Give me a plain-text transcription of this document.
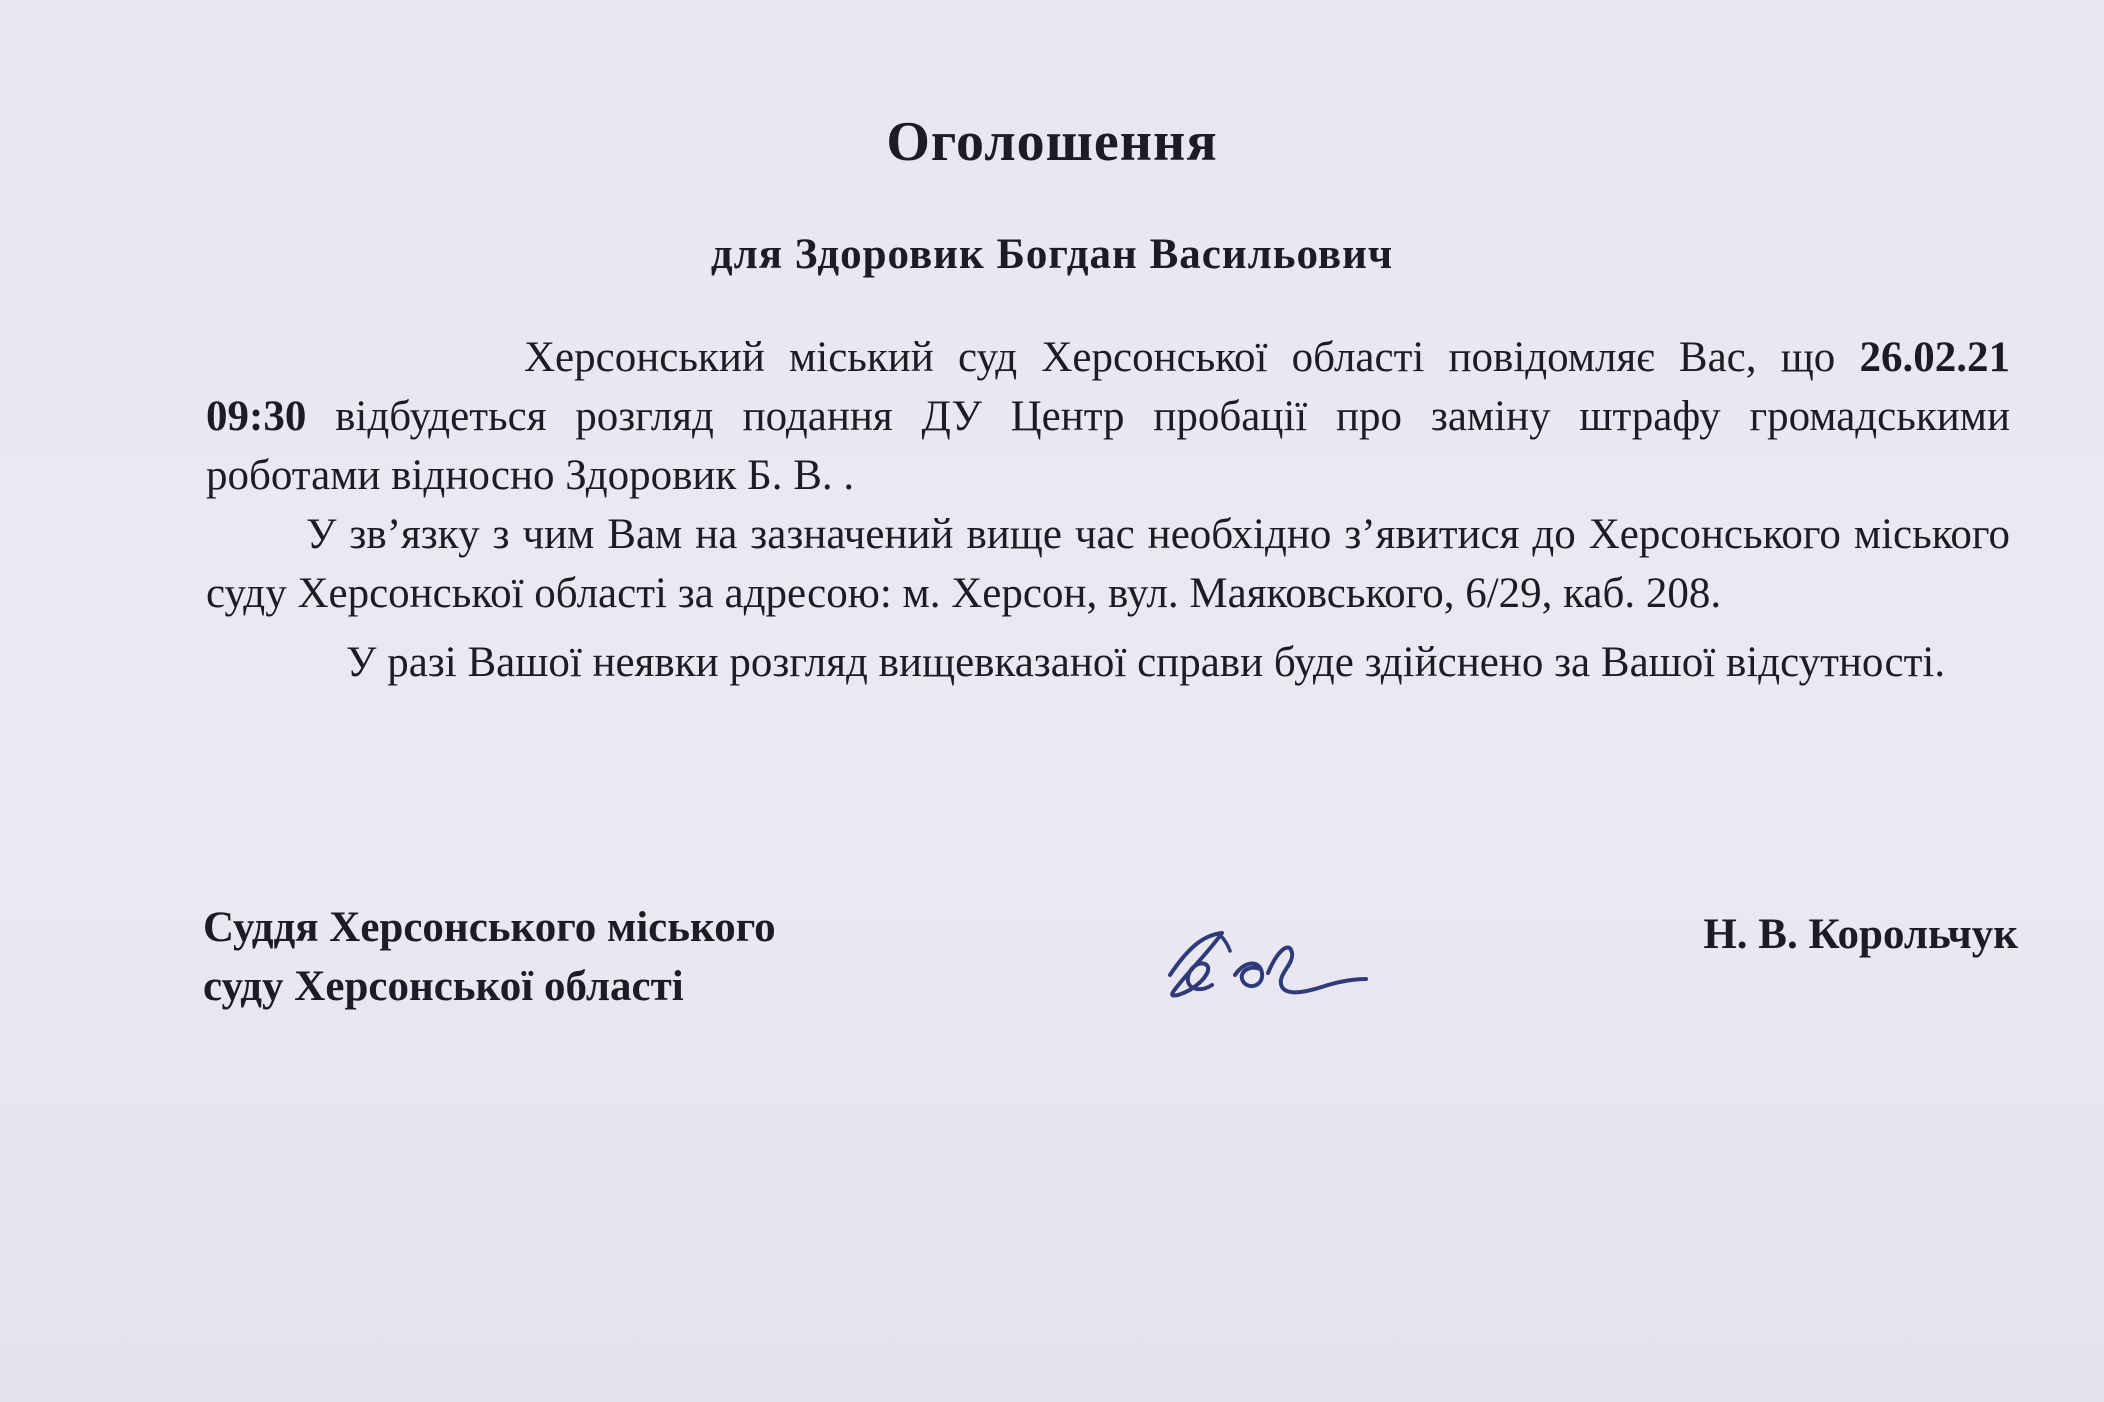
Оголошення
для Здоровик Богдан Васильович

Херсонський міський суд Херсонської області повідомляє Вас, що 26.02.21 09:30 відбудеться розгляд подання ДУ Центр пробації про заміну штрафу громадськими роботами відносно Здоровик Б. В. .

У зв’язку з чим Вам на зазначений вище час необхідно з’явитися до Херсонського міського суду Херсонської області за адресою: м. Херсон, вул. Маяковського, 6/29, каб. 208.

У разі Вашої неявки розгляд вищевказаної справи буде здійснено за Вашої відсутності.

Суддя Херсонського міського
суду Херсонської області
Н. В. Корольчук
